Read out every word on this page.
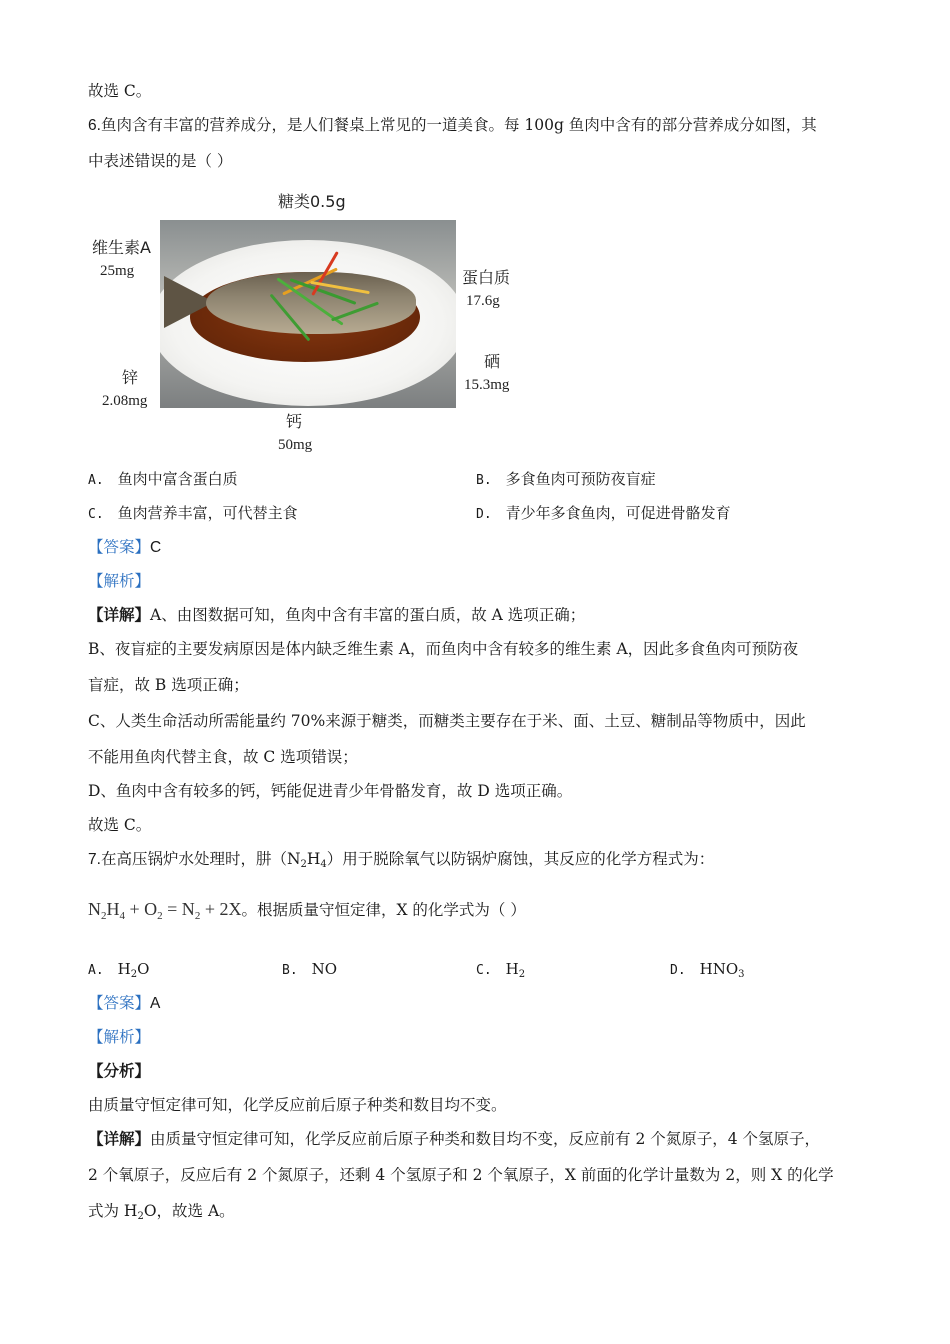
故选 C。
6.鱼肉含有丰富的营养成分，是人们餐桌上常见的一道美食。每 100g 鱼肉中含有的部分营养成分如图，其
中表述错误的是（ ）
糖类0.5g
维生素A
25mg	蛋白质
17.6g
硒
15.3mg
锌
2.08mg
钙
50mg
A. 鱼肉中富含蛋白质	B. 多食鱼肉可预防夜盲症
C. 鱼肉营养丰富，可代替主食	D. 青少年多食鱼肉，可促进骨骼发育
【答案】C
【解析】
【详解】A、由图数据可知，鱼肉中含有丰富的蛋白质，故 A 选项正确；
B、夜盲症的主要发病原因是体内缺乏维生素 A，而鱼肉中含有较多的维生素 A，因此多食鱼肉可预防夜
盲症，故 B 选项正确；
C、人类生命活动所需能量约 70%来源于糖类，而糖类主要存在于米、面、土豆、糖制品等物质中，因此
不能用鱼肉代替主食，故 C 选项错误；
D、鱼肉中含有较多的钙，钙能促进青少年骨骼发育，故 D 选项正确。
故选 C。
7.在高压锅炉水处理时，肼$(N_2H_4)$用于脱除氧气以防锅炉腐蚀，其反应的化学方程式为：
$N_2H_4 + O_2 = N_2 + 2X$。根据质量守恒定律，X 的化学式为（ ）
A. $H_2O$	B. NO	C. $H_2$	D. $HNO_3$
【答案】A
【解析】
【分析】
由质量守恒定律可知，化学反应前后原子种类和数目均不变。
【详解】由质量守恒定律可知，化学反应前后原子种类和数目均不变，反应前有 2 个氮原子，4 个氢原子，
2 个氧原子，反应后有 2 个氮原子，还剩 4 个氢原子和 2 个氧原子，X 前面的化学计量数为 2，则 X 的化学
式为 $H_2O$，故选 A。
